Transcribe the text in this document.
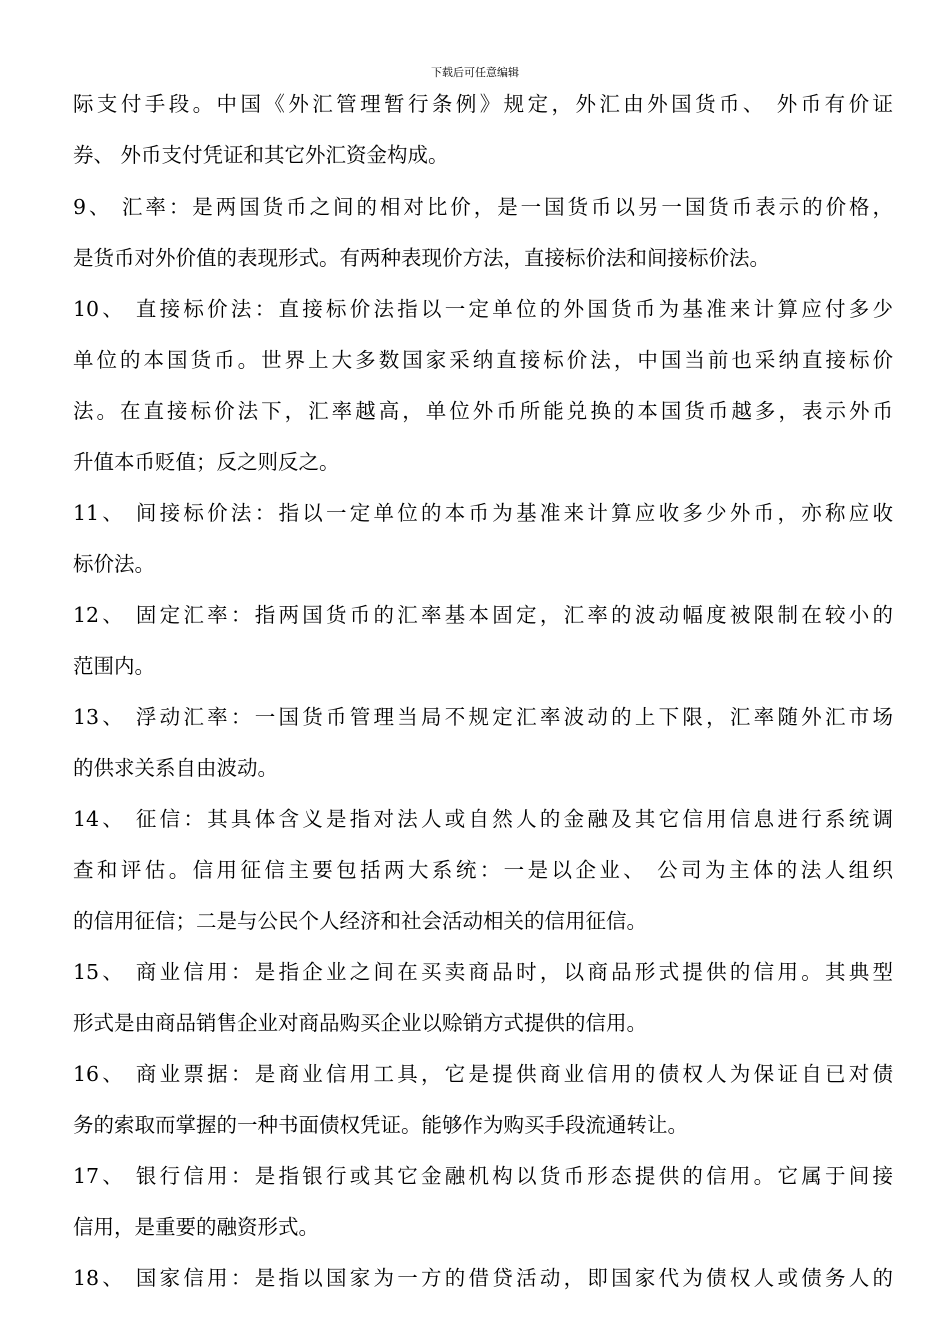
下载后可任意编辑
际支付手段。中国《外汇管理暂行条例》规定，外汇由外国货币、 外币有价证
券、 外币支付凭证和其它外汇资金构成。
9、 汇率：是两国货币之间的相对比价，是一国货币以另一国货币表示的价格，
是货币对外价值的表现形式。有两种表现价方法，直接标价法和间接标价法。
10、 直接标价法：直接标价法指以一定单位的外国货币为基准来计算应付多少
单位的本国货币。世界上大多数国家采纳直接标价法，中国当前也采纳直接标价
法。在直接标价法下，汇率越高，单位外币所能兑换的本国货币越多，表示外币
升值本币贬值；反之则反之。
11、 间接标价法：指以一定单位的本币为基准来计算应收多少外币，亦称应收
标价法。
12、 固定汇率：指两国货币的汇率基本固定，汇率的波动幅度被限制在较小的
范围内。
13、 浮动汇率：一国货币管理当局不规定汇率波动的上下限，汇率随外汇市场
的供求关系自由波动。
14、 征信：其具体含义是指对法人或自然人的金融及其它信用信息进行系统调
查和评估。信用征信主要包括两大系统：一是以企业、 公司为主体的法人组织
的信用征信；二是与公民个人经济和社会活动相关的信用征信。
15、 商业信用：是指企业之间在买卖商品时，以商品形式提供的信用。其典型
形式是由商品销售企业对商品购买企业以赊销方式提供的信用。
16、 商业票据：是商业信用工具，它是提供商业信用的债权人为保证自已对债
务的索取而掌握的一种书面债权凭证。能够作为购买手段流通转让。
17、 银行信用：是指银行或其它金融机构以货币形态提供的信用。它属于间接
信用，是重要的融资形式。
18、 国家信用：是指以国家为一方的借贷活动，即国家代为债权人或债务人的
